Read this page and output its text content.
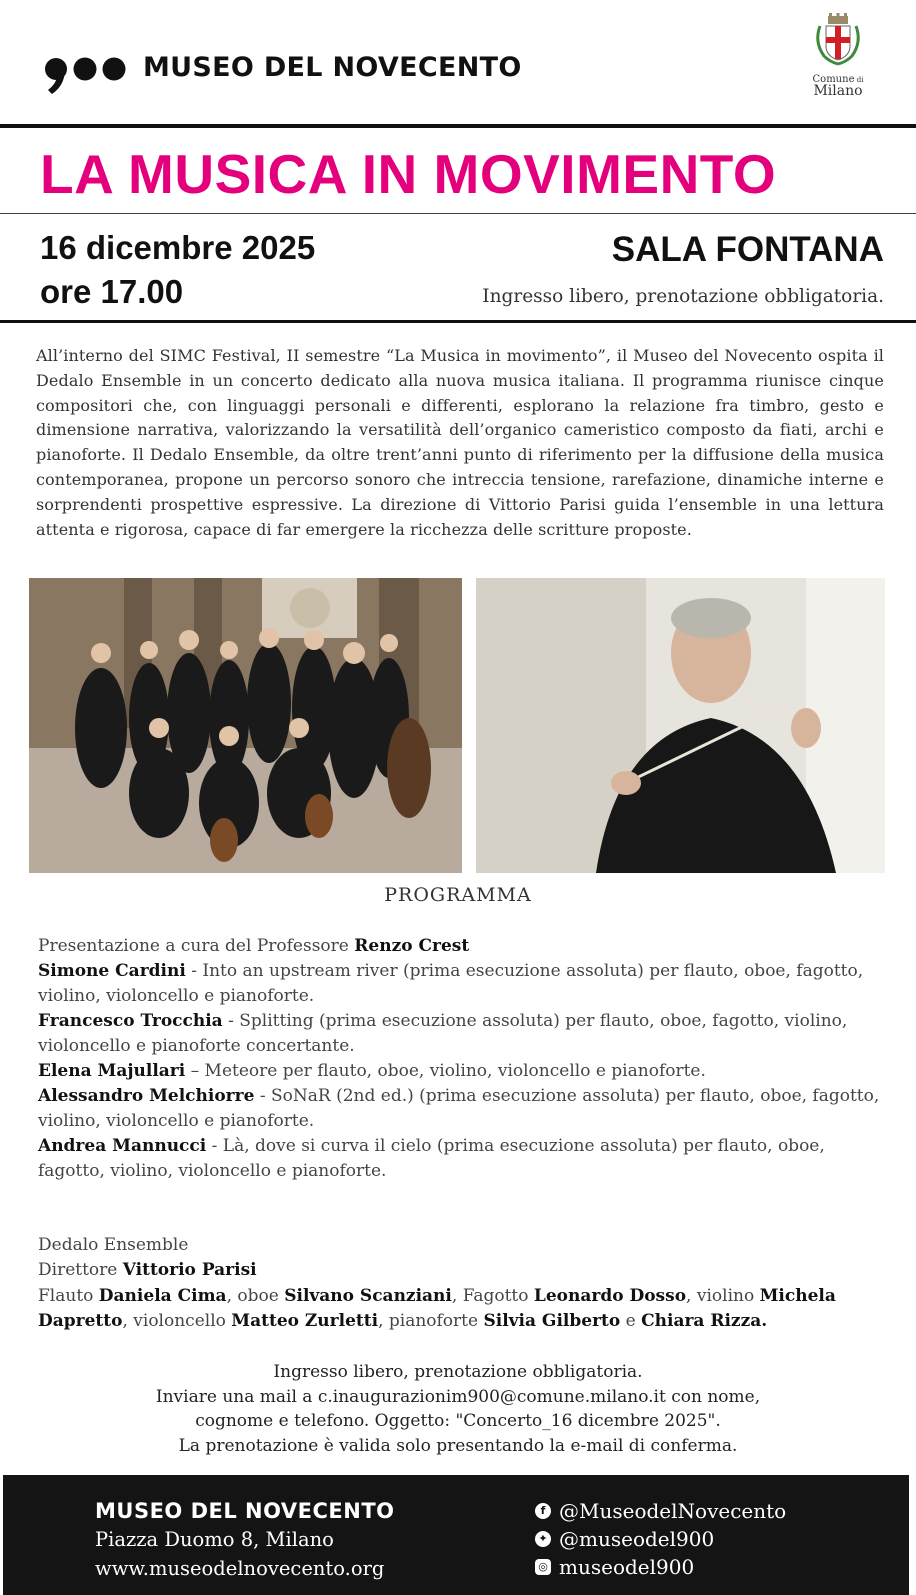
MUSEO DEL NOVECENTO	Comune di
Milano
LA MUSICA IN MOVIMENTO
16 dicembre 2025
ore 17.00
SALA FONTANA
Ingresso libero, prenotazione obbligatoria.
All’interno del SIMC Festival, II semestre “La Musica in movimento”, il Museo del Novecento ospita il Dedalo Ensemble in un concerto dedicato alla nuova musica italiana. Il programma riunisce cinque compositori che, con linguaggi personali e differenti, esplorano la relazione fra timbro, gesto e dimensione narrativa, valorizzando la versatilità dell’organico cameristico composto da fiati, archi e pianoforte. Il Dedalo Ensemble, da oltre trent’anni punto di riferimento per la diffusione della musica contemporanea, propone un percorso sonoro che intreccia tensione, rarefazione, dinamiche interne e sorprendenti prospettive espressive. La direzione di Vittorio Parisi guida l’ensemble in una lettura attenta e rigorosa, capace di far emergere la ricchezza delle scritture proposte.
PROGRAMMA

Presentazione a cura del Professore Renzo Crest

Simone Cardini - Into an upstream river (prima esecuzione assoluta) per flauto, oboe, fagotto, violino, violoncello e pianoforte.

Francesco Trocchia - Splitting (prima esecuzione assoluta) per flauto, oboe, fagotto, violino, violoncello e pianoforte concertante.

Elena Majullari – Meteore per flauto, oboe, violino, violoncello e pianoforte.

Alessandro Melchiorre - SoNaR (2nd ed.) (prima esecuzione assoluta) per flauto, oboe, fagotto, violino, violoncello e pianoforte.

Andrea Mannucci - Là, dove si curva il cielo (prima esecuzione assoluta) per flauto, oboe, fagotto, violino, violoncello e pianoforte.

Dedalo Ensemble
Direttore Vittorio Parisi
Flauto Daniela Cima, oboe Silvano Scanziani, Fagotto Leonardo Dosso, violino Michela Dapretto, violoncello Matteo Zurletti, pianoforte Silvia Gilberto e Chiara Rizza.
Ingresso libero, prenotazione obbligatoria.
Inviare una mail a c.inaugurazionim900@comune.milano.it con nome,
cognome e telefono. Oggetto: "Concerto_16 dicembre 2025".
La prenotazione è valida solo presentando la e-mail di conferma.
MUSEO DEL NOVECENTO
Piazza Duomo 8, Milano
www.museodelnovecento.org
f @MuseodelNovecento
✦ @museodel900
◎ museodel900
